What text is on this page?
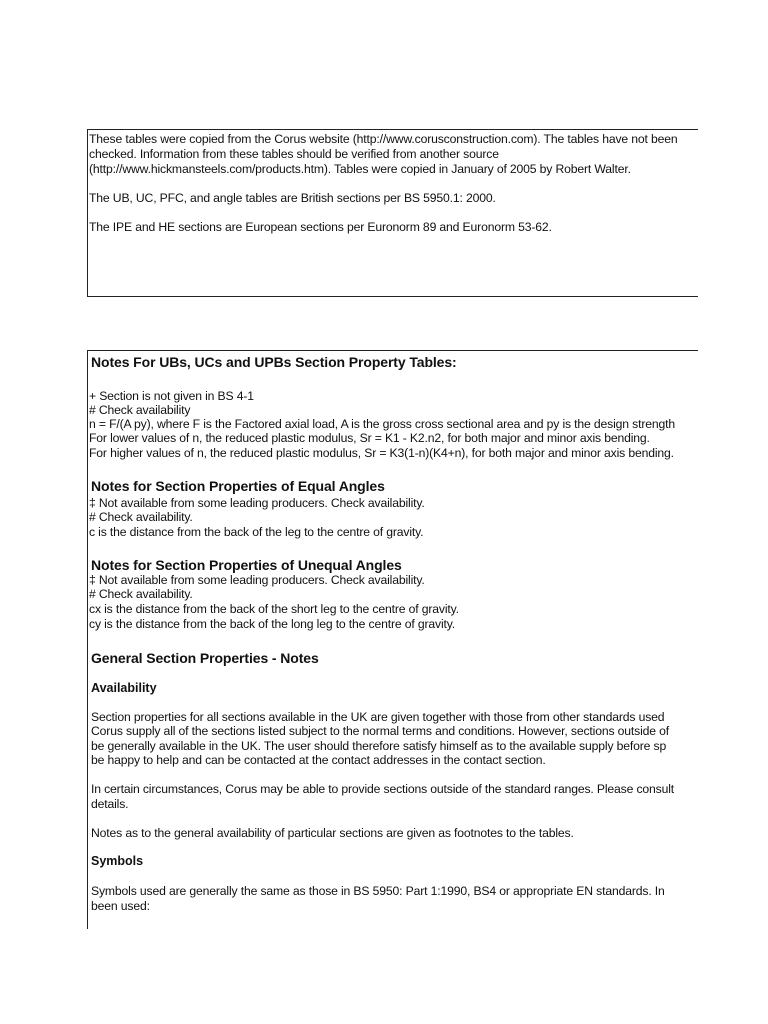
These tables were copied from the Corus website (http://www.corusconstruction.com). The tables have not been
checked. Information from these tables should be verified from another source
(http://www.hickmansteels.com/products.htm). Tables were copied in January of 2005 by Robert Walter.
The UB, UC, PFC, and angle tables are British sections per BS 5950.1: 2000.
The IPE and HE sections are European sections per Euronorm 89 and Euronorm 53-62.
Notes For UBs, UCs and UPBs Section Property Tables:
+ Section is not given in BS 4-1
# Check availability
n = F/(A py), where F is the Factored axial load, A is the gross cross sectional area and py is the design strength
For lower values of n, the reduced plastic modulus, Sr = K1 - K2.n2, for both major and minor axis bending.
For higher values of n, the reduced plastic modulus, Sr = K3(1-n)(K4+n), for both major and minor axis bending.
Notes for Section Properties of Equal Angles
‡ Not available from some leading producers. Check availability.
# Check availability.
c is the distance from the back of the leg to the centre of gravity.
Notes for Section Properties of Unequal Angles
‡ Not available from some leading producers. Check availability.
# Check availability.
cx is the distance from the back of the short leg to the centre of gravity.
cy is the distance from the back of the long leg to the centre of gravity.
General Section Properties - Notes
Availability
Section properties for all sections available in the UK are given together with those from other standards used
Corus supply all of the sections listed subject to the normal terms and conditions. However, sections outside of
be generally available in the UK. The user should therefore satisfy himself as to the available supply before sp
be happy to help and can be contacted at the contact addresses in the contact section.
In certain circumstances, Corus may be able to provide sections outside of the standard ranges. Please consult
details.
Notes as to the general availability of particular sections are given as footnotes to the tables.
Symbols
Symbols used are generally the same as those in BS 5950: Part 1:1990, BS4 or appropriate EN standards. In
been used:
